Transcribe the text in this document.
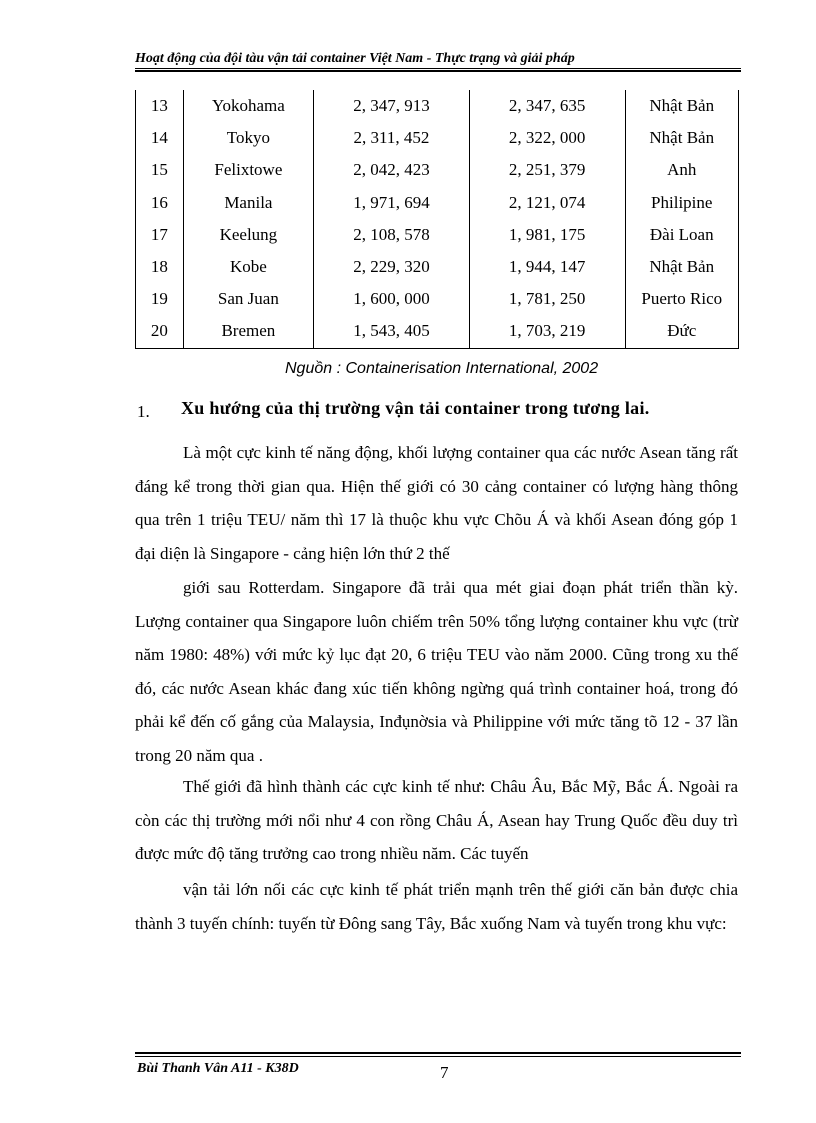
Hoạt động của đội tàu vận tải container Việt Nam - Thực trạng và giải pháp
13	Yokohama	2, 347, 913	2, 347, 635	Nhật Bản
14	Tokyo	2, 311, 452	2, 322, 000	Nhật Bản
15	Felixtowe	2, 042, 423	2, 251, 379	Anh
16	Manila	1, 971, 694	2, 121, 074	Philipine
17	Keelung	2, 108, 578	1, 981, 175	Đài Loan
18	Kobe	2, 229, 320	1, 944, 147	Nhật Bản
19	San Juan	1, 600, 000	1, 781, 250	Puerto Rico
20	Bremen	1, 543, 405	1, 703, 219	Đức
Nguồn : Containerisation International, 2002
1. Xu hướng của thị trường vận tải container trong tương lai.

Là một cực kinh tế năng động, khối lượng container qua các nước Asean tăng rất đáng kể trong thời gian qua. Hiện thế giới có 30 cảng container có lượng hàng thông qua trên 1 triệu TEU/ năm thì 17 là thuộc khu vực Chõu Á và khối Asean đóng góp 1 đại diện là Singapore - cảng hiện lớn thứ 2 thế

giới sau Rotterdam. Singapore đã trải qua mét giai đoạn phát triển thần kỳ. Lượng container qua Singapore luôn chiếm trên 50% tổng lượng container khu vực (trừ năm 1980: 48%) với mức kỷ lục đạt 20, 6 triệu TEU vào năm 2000. Cũng trong xu thế đó, các nước Asean khác đang xúc tiến không ngừng quá trình container hoá, trong đó phải kể đến cố gắng của Malaysia, Inđụnờsia và Philippine với mức tăng tõ 12 - 37 lần trong 20 năm qua .

Thế giới đã hình thành các cực kinh tế như: Châu Âu, Bắc Mỹ, Bắc Á. Ngoài ra còn các thị trường mới nổi như 4 con rồng Châu Á, Asean hay Trung Quốc đều duy trì được mức độ tăng trưởng cao trong nhiều năm. Các tuyến

vận tải lớn nối các cực kinh tế phát triển mạnh trên thế giới căn bản được chia thành 3 tuyến chính: tuyến từ Đông sang Tây, Bắc xuống Nam và tuyến trong khu vực:

Bùi Thanh Vân A11 - K38D	7
